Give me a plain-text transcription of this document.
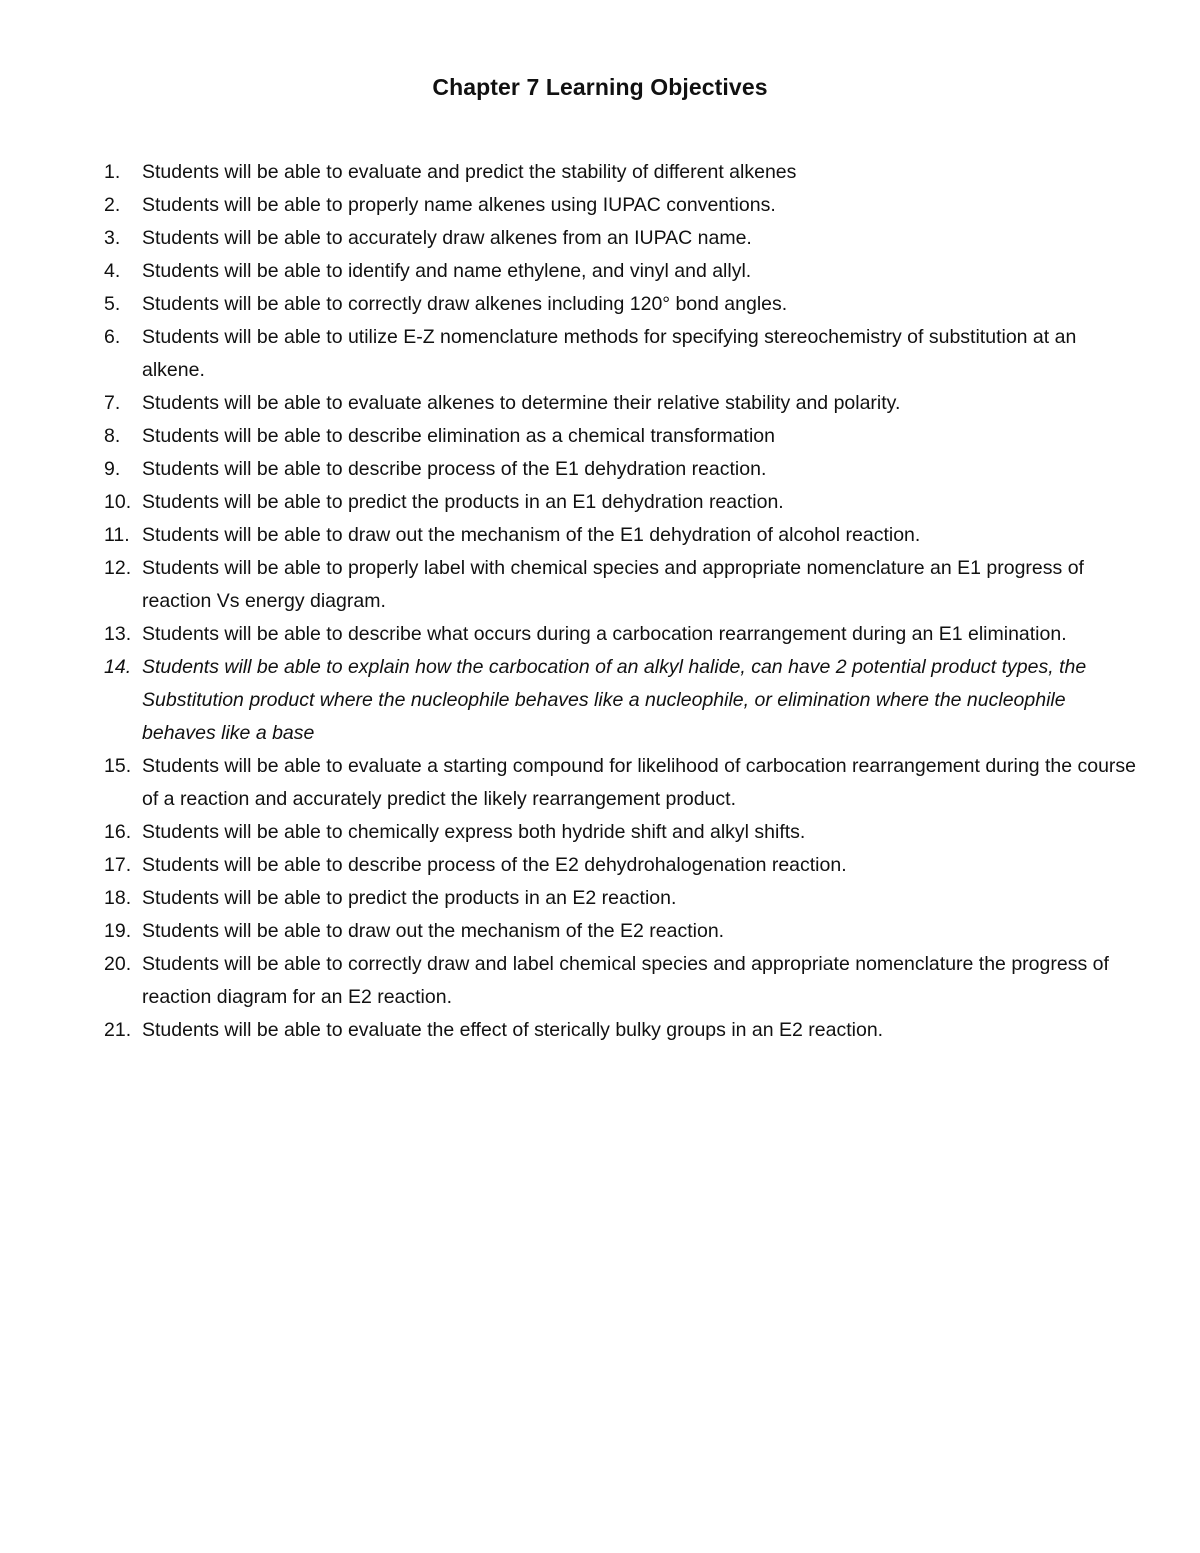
Chapter 7 Learning Objectives
1. Students will be able to evaluate and predict the stability of different alkenes
2. Students will be able to properly name alkenes using IUPAC conventions.
3. Students will be able to accurately draw alkenes from an IUPAC name.
4. Students will be able to identify and name ethylene, and vinyl and allyl.
5. Students will be able to correctly draw alkenes including 120° bond angles.
6. Students will be able to utilize E-Z nomenclature methods for specifying stereochemistry of substitution at an alkene.
7. Students will be able to evaluate alkenes to determine their relative stability and polarity.
8. Students will be able to describe elimination as a chemical transformation
9. Students will be able to describe process of the E1 dehydration reaction.
10. Students will be able to predict the products in an E1 dehydration reaction.
11. Students will be able to draw out the mechanism of the E1 dehydration of alcohol reaction.
12. Students will be able to properly label with chemical species and appropriate nomenclature an E1 progress of reaction Vs energy diagram.
13. Students will be able to describe what occurs during a carbocation rearrangement during an E1 elimination.
14. Students will be able to explain how the carbocation of an alkyl halide, can have 2 potential product types, the Substitution product where the nucleophile behaves like a nucleophile, or elimination where the nucleophile behaves like a base
15. Students will be able to evaluate a starting compound for likelihood of carbocation rearrangement during the course of a reaction and accurately predict the likely rearrangement product.
16. Students will be able to chemically express both hydride shift and alkyl shifts.
17. Students will be able to describe process of the E2 dehydrohalogenation reaction.
18. Students will be able to predict the products in an E2 reaction.
19. Students will be able to draw out the mechanism of the E2 reaction.
20. Students will be able to correctly draw and label chemical species and appropriate nomenclature the progress of reaction diagram for an E2 reaction.
21. Students will be able to evaluate the effect of sterically bulky groups in an E2 reaction.
